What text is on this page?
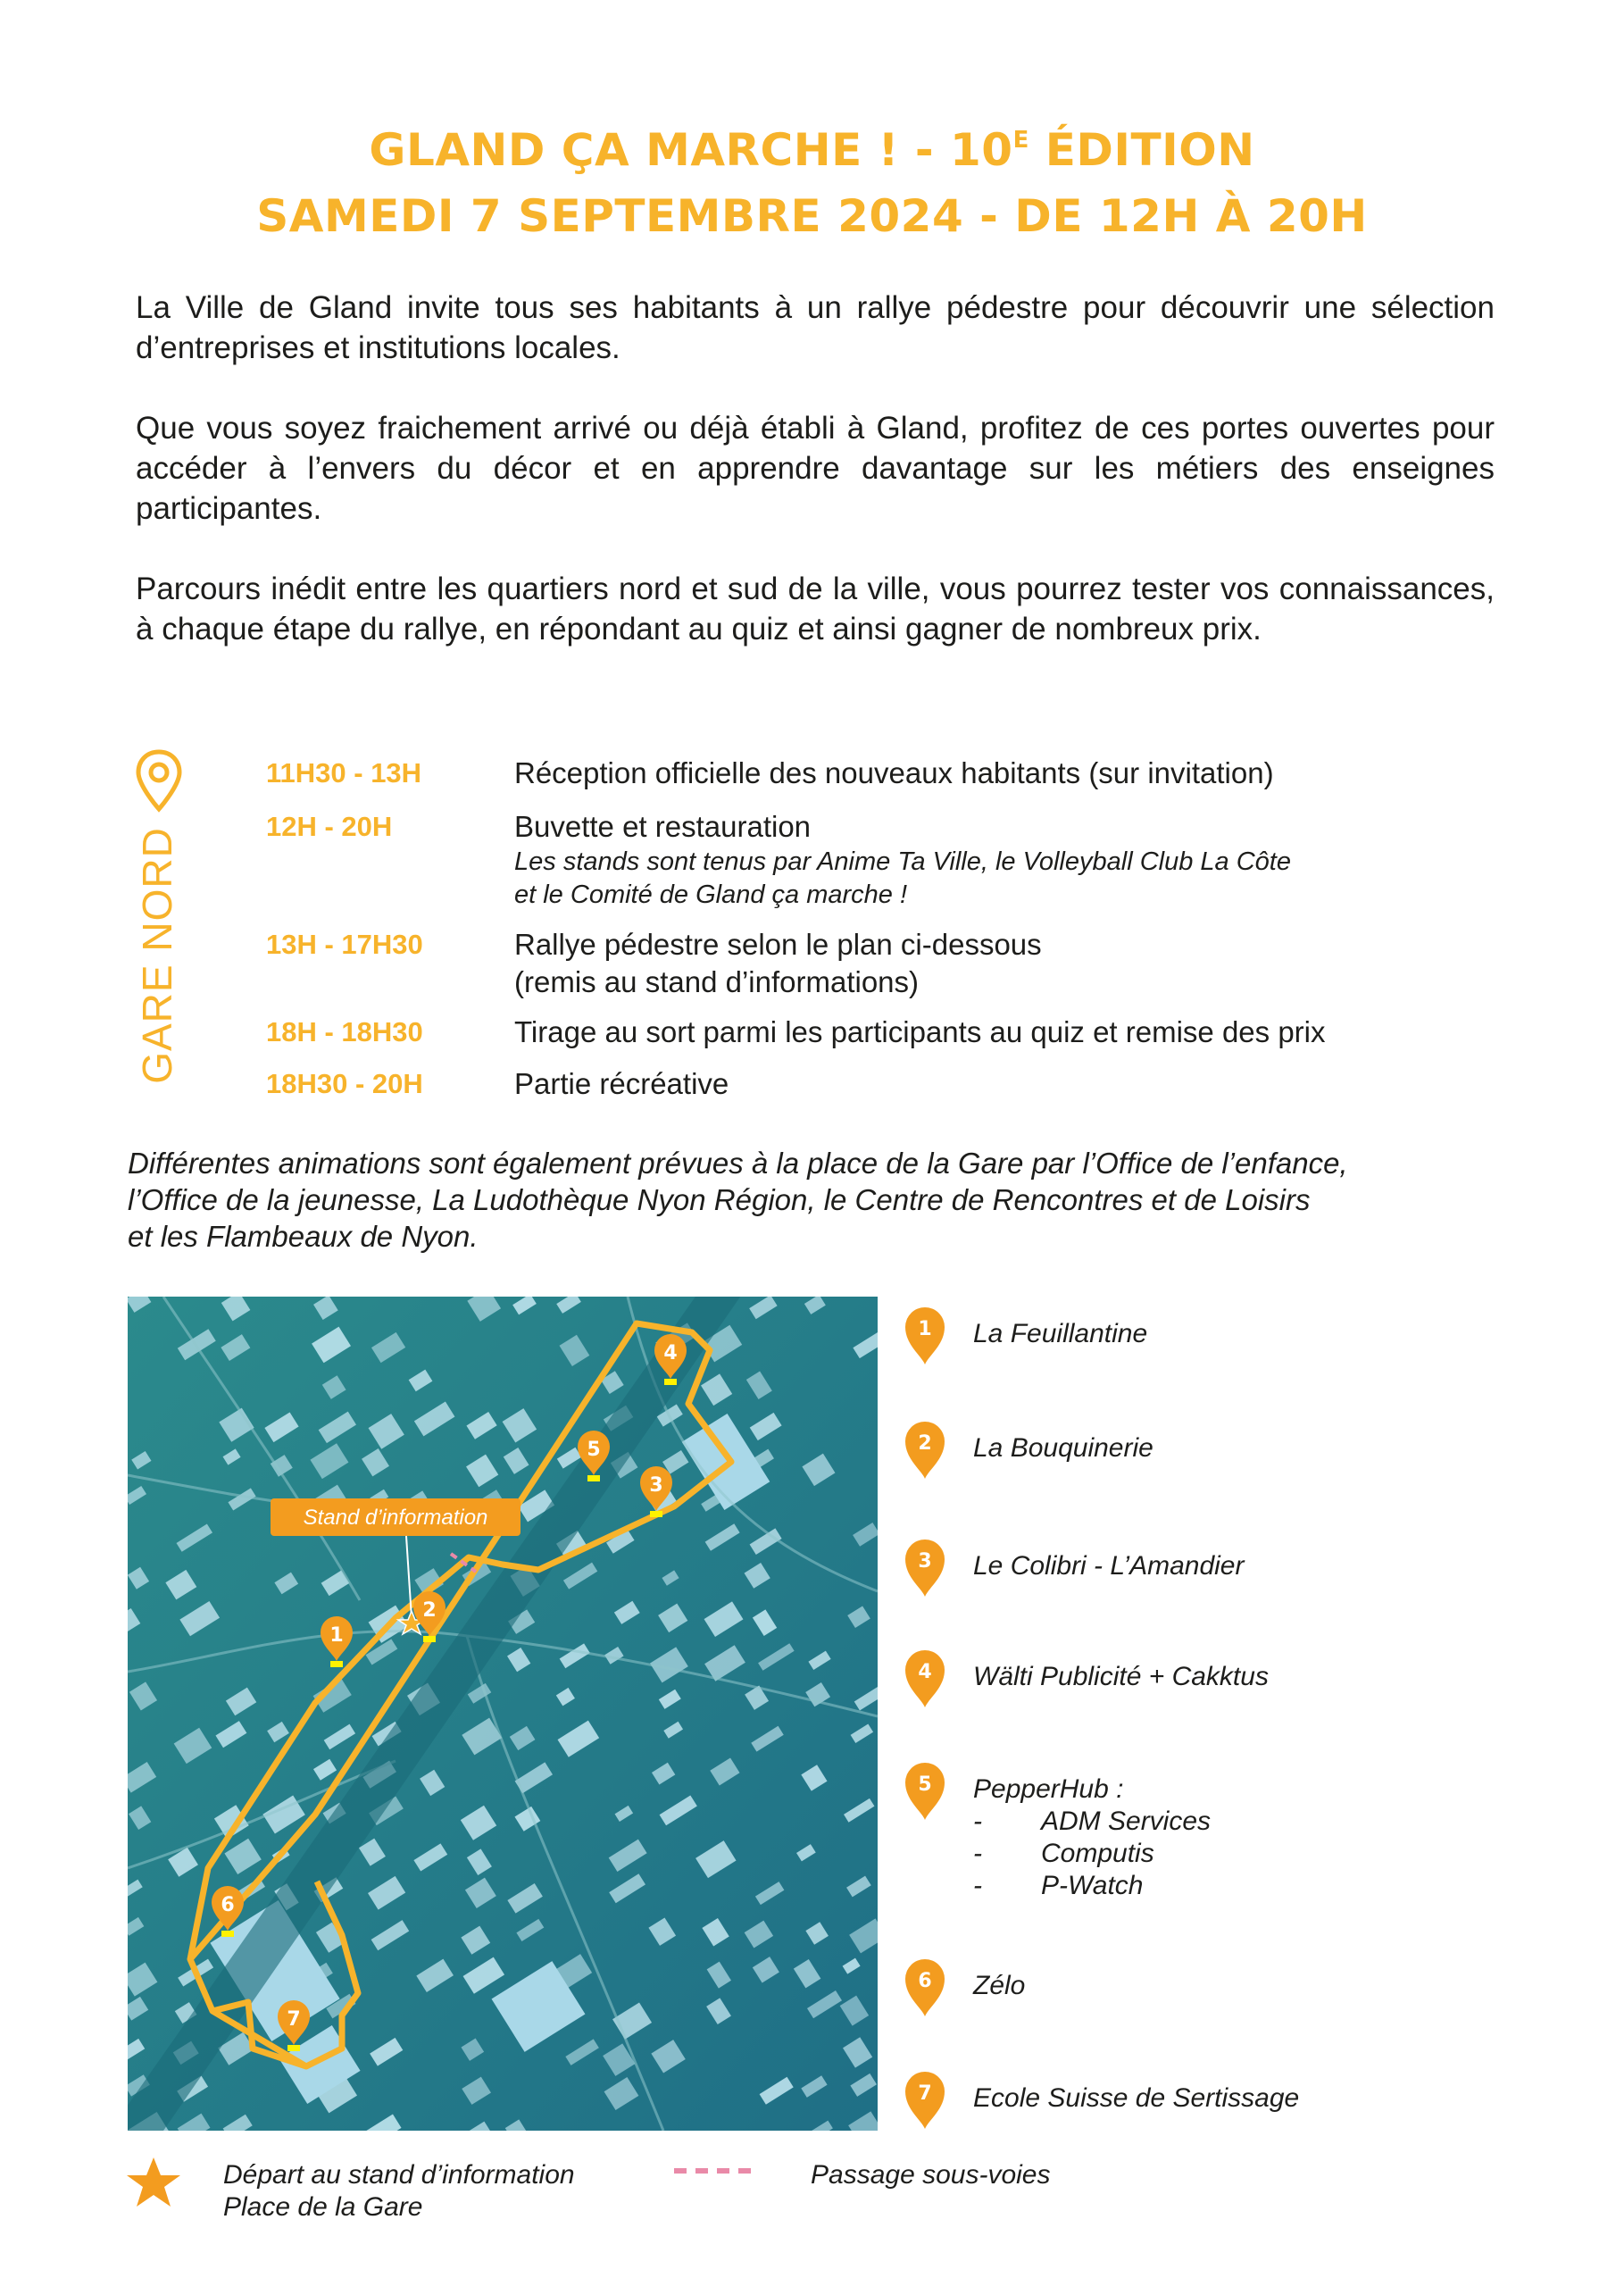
GLAND ÇA MARCHE ! - $10^E$ ÉDITION
SAMEDI 7 SEPTEMBRE 2024 - DE 12H À 20H

La Ville de Gland invite tous ses habitants à un rallye pédestre pour découvrir une sélection d’entreprises et institutions locales.

Que vous soyez fraichement arrivé ou déjà établi à Gland, profitez de ces portes ouvertes pour accéder à l’envers du décor et en apprendre davantage sur les métiers des enseignes participantes.

Parcours inédit entre les quartiers nord et sud de la ville, vous pourrez tester vos connaissances, à chaque étape du rallye, en répondant au quiz et ainsi gagner de nombreux prix.

GARE NORD
11H30 - 13H	Réception officielle des nouveaux habitants (sur invitation)
12H - 20H	Buvette et restauration
Les stands sont tenus par Anime Ta Ville, le Volleyball Club La Côte
et le Comité de Gland ça marche !
13H - 17H30	Rallye pédestre selon le plan ci-dessous
(remis au stand d’informations)
18H - 18H30	Tirage au sort parmi les participants au quiz et remise des prix
18H30 - 20H	Partie récréative
Différentes animations sont également prévues à la place de la Gare par l’Office de l’enfance,
l’Office de la jeunesse, La Ludothèque Nyon Région, le Centre de Rencontres et de Loisirs
et les Flambeaux de Nyon.
Stand d’information
1
2
3
4
5
6
7
1 La Feuillantine
2 La Bouquinerie
3 Le Colibri - L’Amandier
4 Wälti Publicité + Cakktus
5 PepperHub :
- ADM Services
- Computis
- P-Watch
6 Zélo
7 Ecole Suisse de Sertissage
Départ au stand d’information
Place de la Gare
Passage sous-voies
